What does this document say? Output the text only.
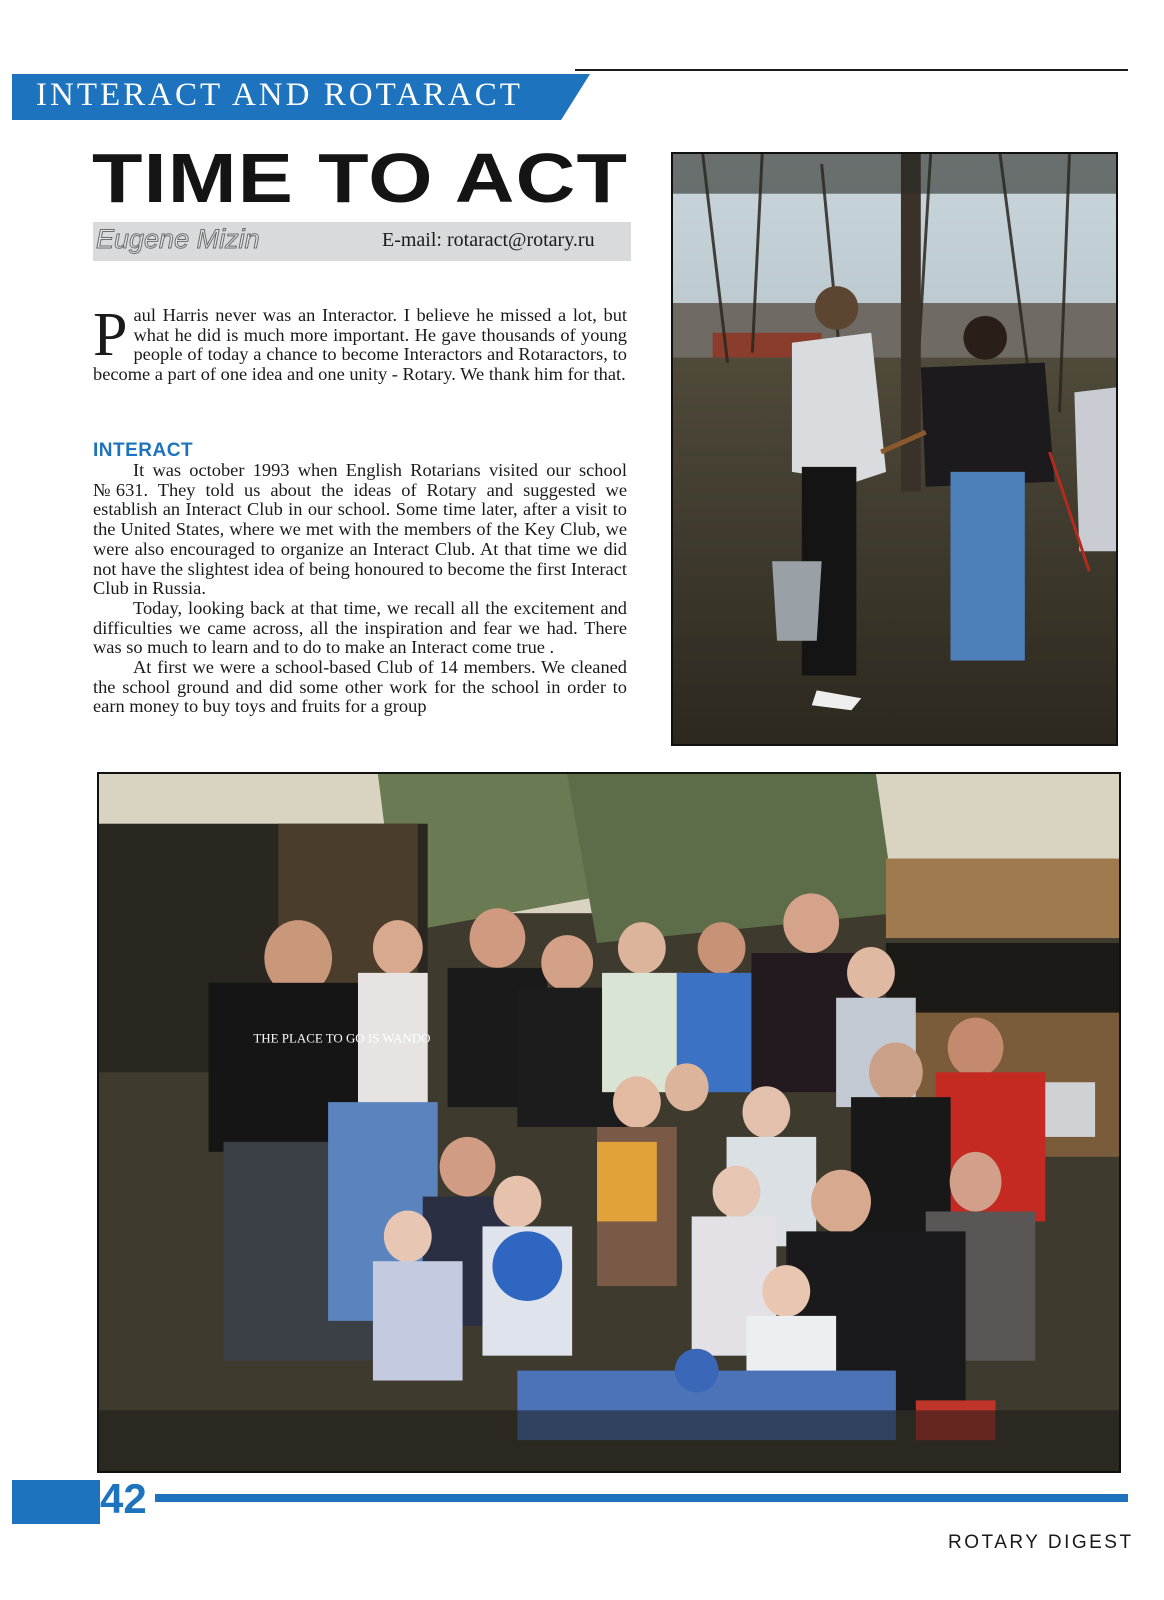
INTERACT AND ROTARACT
TIME TO ACT
Eugene Mizin	E-mail: rotaract@rotary.ru
Paul Harris never was an Interactor. I believe he missed a lot, but what he did is much more important. He gave thousands of young people of today a chance to become Interactors and Rotaractors, to become a part of one idea and one unity - Rotary. We thank him for that.
INTERACT

It was october 1993 when English Rotarians visited our school №631. They told us about the ideas of Rotary and suggested we establish an Interact Club in our school. Some time later, after a visit to the United States, where we met with the members of the Key Club, we were also encouraged to organize an Interact Club. At that time we did not have the slightest idea of being honoured to become the first Interact Club in Russia.

Today, looking back at that time, we recall all the excitement and difficulties we came across, all the inspiration and fear we had. There was so much to learn and to do to make an Interact come true .

At first we were a school-based Club of 14 members. We cleaned the school ground and did some other work for the school in order to earn money to buy toys and fruits for a group

THE PLACE TO GO IS WANDO
42
ROTARY DIGEST
